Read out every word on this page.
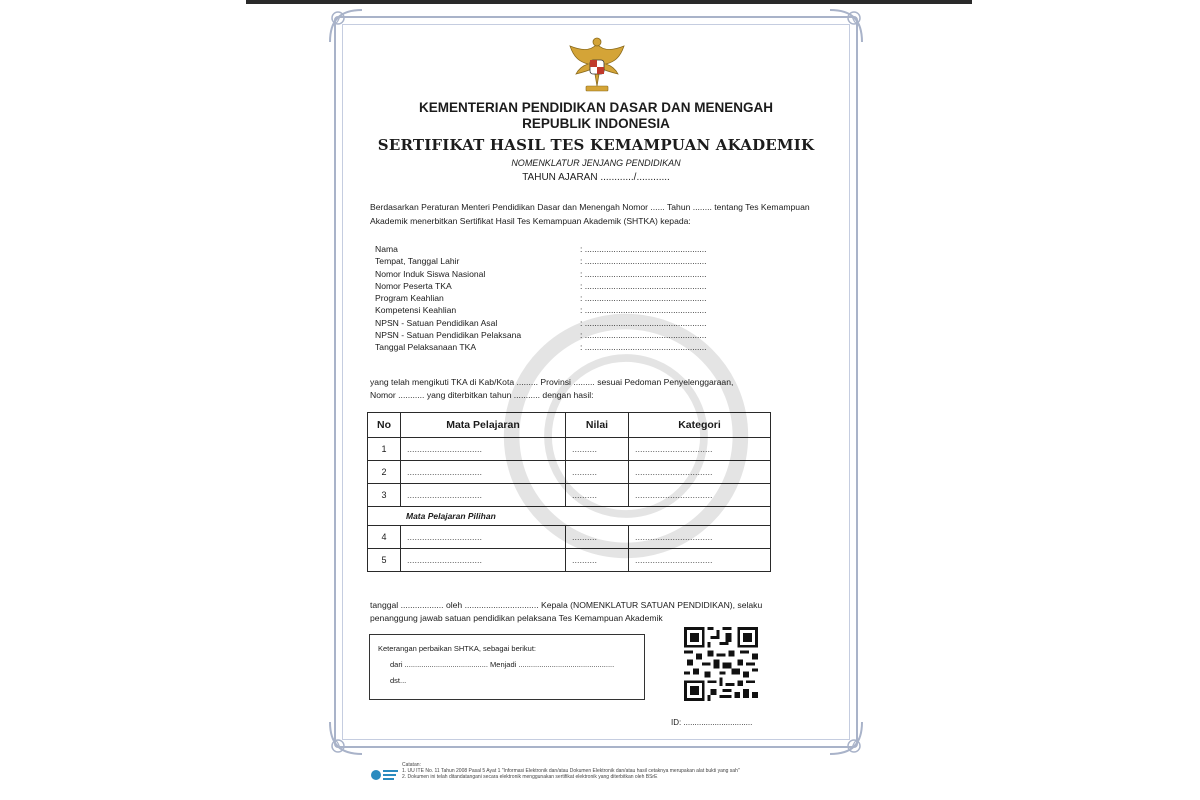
KEMENTERIAN PENDIDIKAN DASAR DAN MENENGAH
REPUBLIK INDONESIA
SERTIFIKAT HASIL TES KEMAMPUAN AKADEMIK
NOMENKLATUR JENJANG PENDIDIKAN
TAHUN AJARAN ............/............
Berdasarkan Peraturan Menteri Pendidikan Dasar dan Menengah Nomor ...... Tahun ........ tentang Tes Kemampuan Akademik menerbitkan Sertifikat Hasil Tes Kemampuan Akademik (SHTKA) kepada:
Nama	: ...................................................
Tempat, Tanggal Lahir	: ...................................................
Nomor Induk Siswa Nasional	: ...................................................
Nomor Peserta TKA	: ...................................................
Program Keahlian	: ...................................................
Kompetensi Keahlian	: ...................................................
NPSN - Satuan Pendidikan Asal	: ...................................................
NPSN - Satuan Pendidikan Pelaksana	: ...................................................
Tanggal Pelaksanaan TKA	: ...................................................
yang telah mengikuti TKA di Kab/Kota ......... Provinsi ......... sesuai Pedoman Penyelenggaraan,
Nomor ........... yang diterbitkan tahun ........... dengan hasil:
No	Mata Pelajaran	Nilai	Kategori
1	..............................	..........	...............................
2	..............................	..........	...............................
3	..............................	..........	...............................
Mata Pelajaran Pilihan			
4	..............................	..........	...............................
5	..............................	..........	...............................
tanggal .................. oleh ............................... Kepala (NOMENKLATUR SATUAN PENDIDIKAN), selaku
penanggung jawab satuan pendidikan pelaksana Tes Kemampuan Akademik
Keterangan perbaikan SHTKA, sebagai berikut:
dari ........................................ Menjadi ..............................................
dst...
ID: ...............................
Catatan:
1. UU ITE No. 11 Tahun 2008 Pasal 5 Ayat 1 "Informasi Elektronik dan/atau Dokumen Elektronik dan/atau hasil cetaknya merupakan alat bukti yang sah"
2. Dokumen ini telah ditandatangani secara elektronik menggunakan sertifikat elektronik yang diterbitkan oleh BSrE
